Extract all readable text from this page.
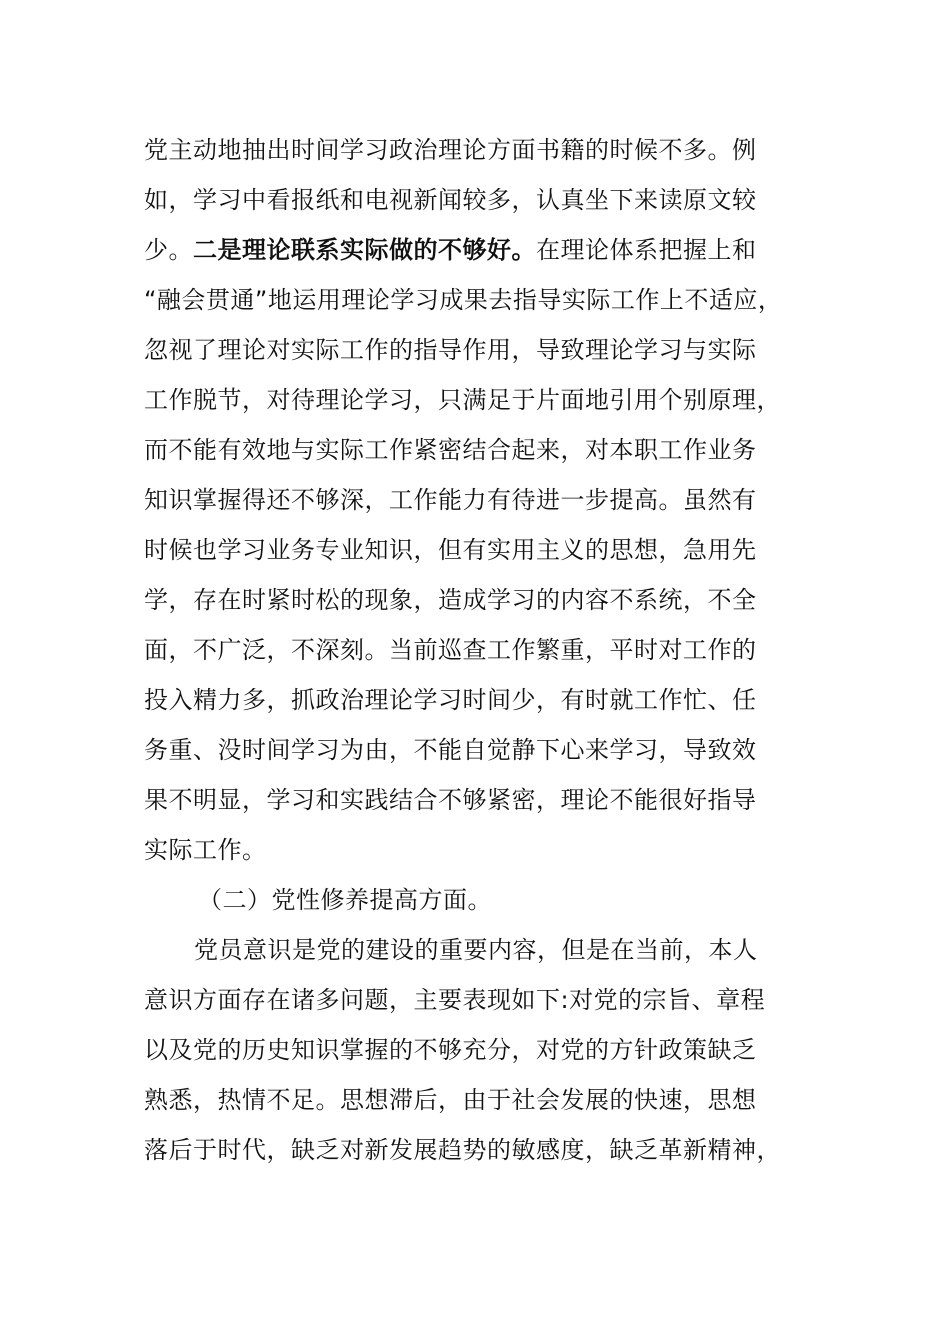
党主动地抽出时间学习政治理论方面书籍的时候不多。例
如，学习中看报纸和电视新闻较多，认真坐下来读原文较
少。二是理论联系实际做的不够好。在理论体系把握上和
“融会贯通”地运用理论学习成果去指导实际工作上不适应，
忽视了理论对实际工作的指导作用，导致理论学习与实际
工作脱节，对待理论学习，只满足于片面地引用个别原理，
而不能有效地与实际工作紧密结合起来，对本职工作业务
知识掌握得还不够深，工作能力有待进一步提高。虽然有
时候也学习业务专业知识，但有实用主义的思想，急用先
学，存在时紧时松的现象，造成学习的内容不系统，不全
面，不广泛，不深刻。当前巡查工作繁重，平时对工作的
投入精力多，抓政治理论学习时间少，有时就工作忙、任
务重、没时间学习为由，不能自觉静下心来学习，导致效
果不明显，学习和实践结合不够紧密，理论不能很好指导
实际工作。
（二）党性修养提高方面。
党员意识是党的建设的重要内容，但是在当前，本人
意识方面存在诸多问题，主要表现如下:对党的宗旨、章程
以及党的历史知识掌握的不够充分，对党的方针政策缺乏
熟悉，热情不足。思想滞后，由于社会发展的快速，思想
落后于时代，缺乏对新发展趋势的敏感度，缺乏革新精神，
